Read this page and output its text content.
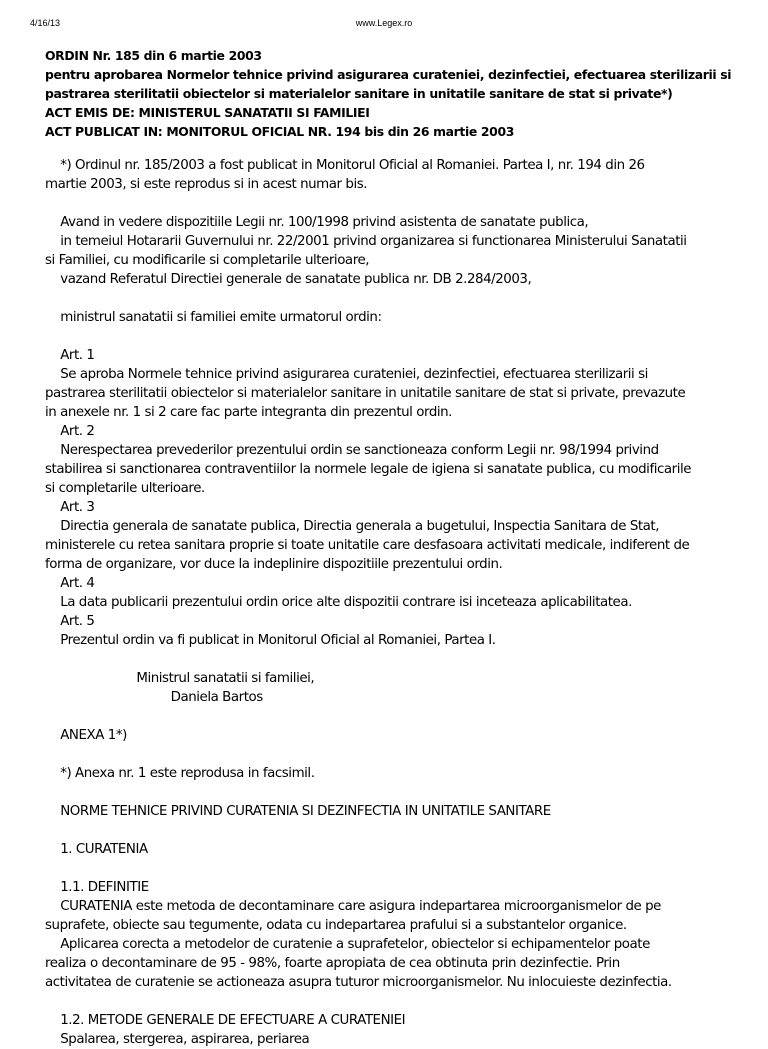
4/16/13	www.Legex.ro
ORDIN Nr. 185 din 6 martie 2003
pentru aprobarea Normelor tehnice privind asigurarea curateniei, dezinfectiei, efectuarea sterilizarii si
pastrarea sterilitatii obiectelor si materialelor sanitare in unitatile sanitare de stat si private*)
ACT EMIS DE: MINISTERUL SANATATII SI FAMILIEI
ACT PUBLICAT IN: MONITORUL OFICIAL NR. 194 bis din 26 martie 2003
*) Ordinul nr. 185/2003 a fost publicat in Monitorul Oficial al Romaniei. Partea I, nr. 194 din 26
martie 2003, si este reprodus si in acest numar bis.
Avand in vedere dispozitiile Legii nr. 100/1998 privind asistenta de sanatate publica,
in temeiul Hotararii Guvernului nr. 22/2001 privind organizarea si functionarea Ministerului Sanatatii
si Familiei, cu modificarile si completarile ulterioare,
vazand Referatul Directiei generale de sanatate publica nr. DB 2.284/2003,
ministrul sanatatii si familiei emite urmatorul ordin:
Art. 1
Se aproba Normele tehnice privind asigurarea curateniei, dezinfectiei, efectuarea sterilizarii si
pastrarea sterilitatii obiectelor si materialelor sanitare in unitatile sanitare de stat si private, prevazute
in anexele nr. 1 si 2 care fac parte integranta din prezentul ordin.
Art. 2
Nerespectarea prevederilor prezentului ordin se sanctioneaza conform Legii nr. 98/1994 privind
stabilirea si sanctionarea contraventiilor la normele legale de igiena si sanatate publica, cu modificarile
si completarile ulterioare.
Art. 3
Directia generala de sanatate publica, Directia generala a bugetului, Inspectia Sanitara de Stat,
ministerele cu retea sanitara proprie si toate unitatile care desfasoara activitati medicale, indiferent de
forma de organizare, vor duce la indeplinire dispozitiile prezentului ordin.
Art. 4
La data publicarii prezentului ordin orice alte dispozitii contrare isi inceteaza aplicabilitatea.
Art. 5
Prezentul ordin va fi publicat in Monitorul Oficial al Romaniei, Partea I.
Ministrul sanatatii si familiei,
Daniela Bartos
ANEXA 1*)
*) Anexa nr. 1 este reprodusa in facsimil.
NORME TEHNICE PRIVIND CURATENIA SI DEZINFECTIA IN UNITATILE SANITARE
1. CURATENIA
1.1. DEFINITIE
CURATENIA este metoda de decontaminare care asigura indepartarea microorganismelor de pe
suprafete, obiecte sau tegumente, odata cu indepartarea prafului si a substantelor organice.
Aplicarea corecta a metodelor de curatenie a suprafetelor, obiectelor si echipamentelor poate
realiza o decontaminare de 95 - 98%, foarte apropiata de cea obtinuta prin dezinfectie. Prin
activitatea de curatenie se actioneaza asupra tuturor microorganismelor. Nu inlocuieste dezinfectia.
1.2. METODE GENERALE DE EFECTUARE A CURATENIEI
Spalarea, stergerea, aspirarea, periarea
